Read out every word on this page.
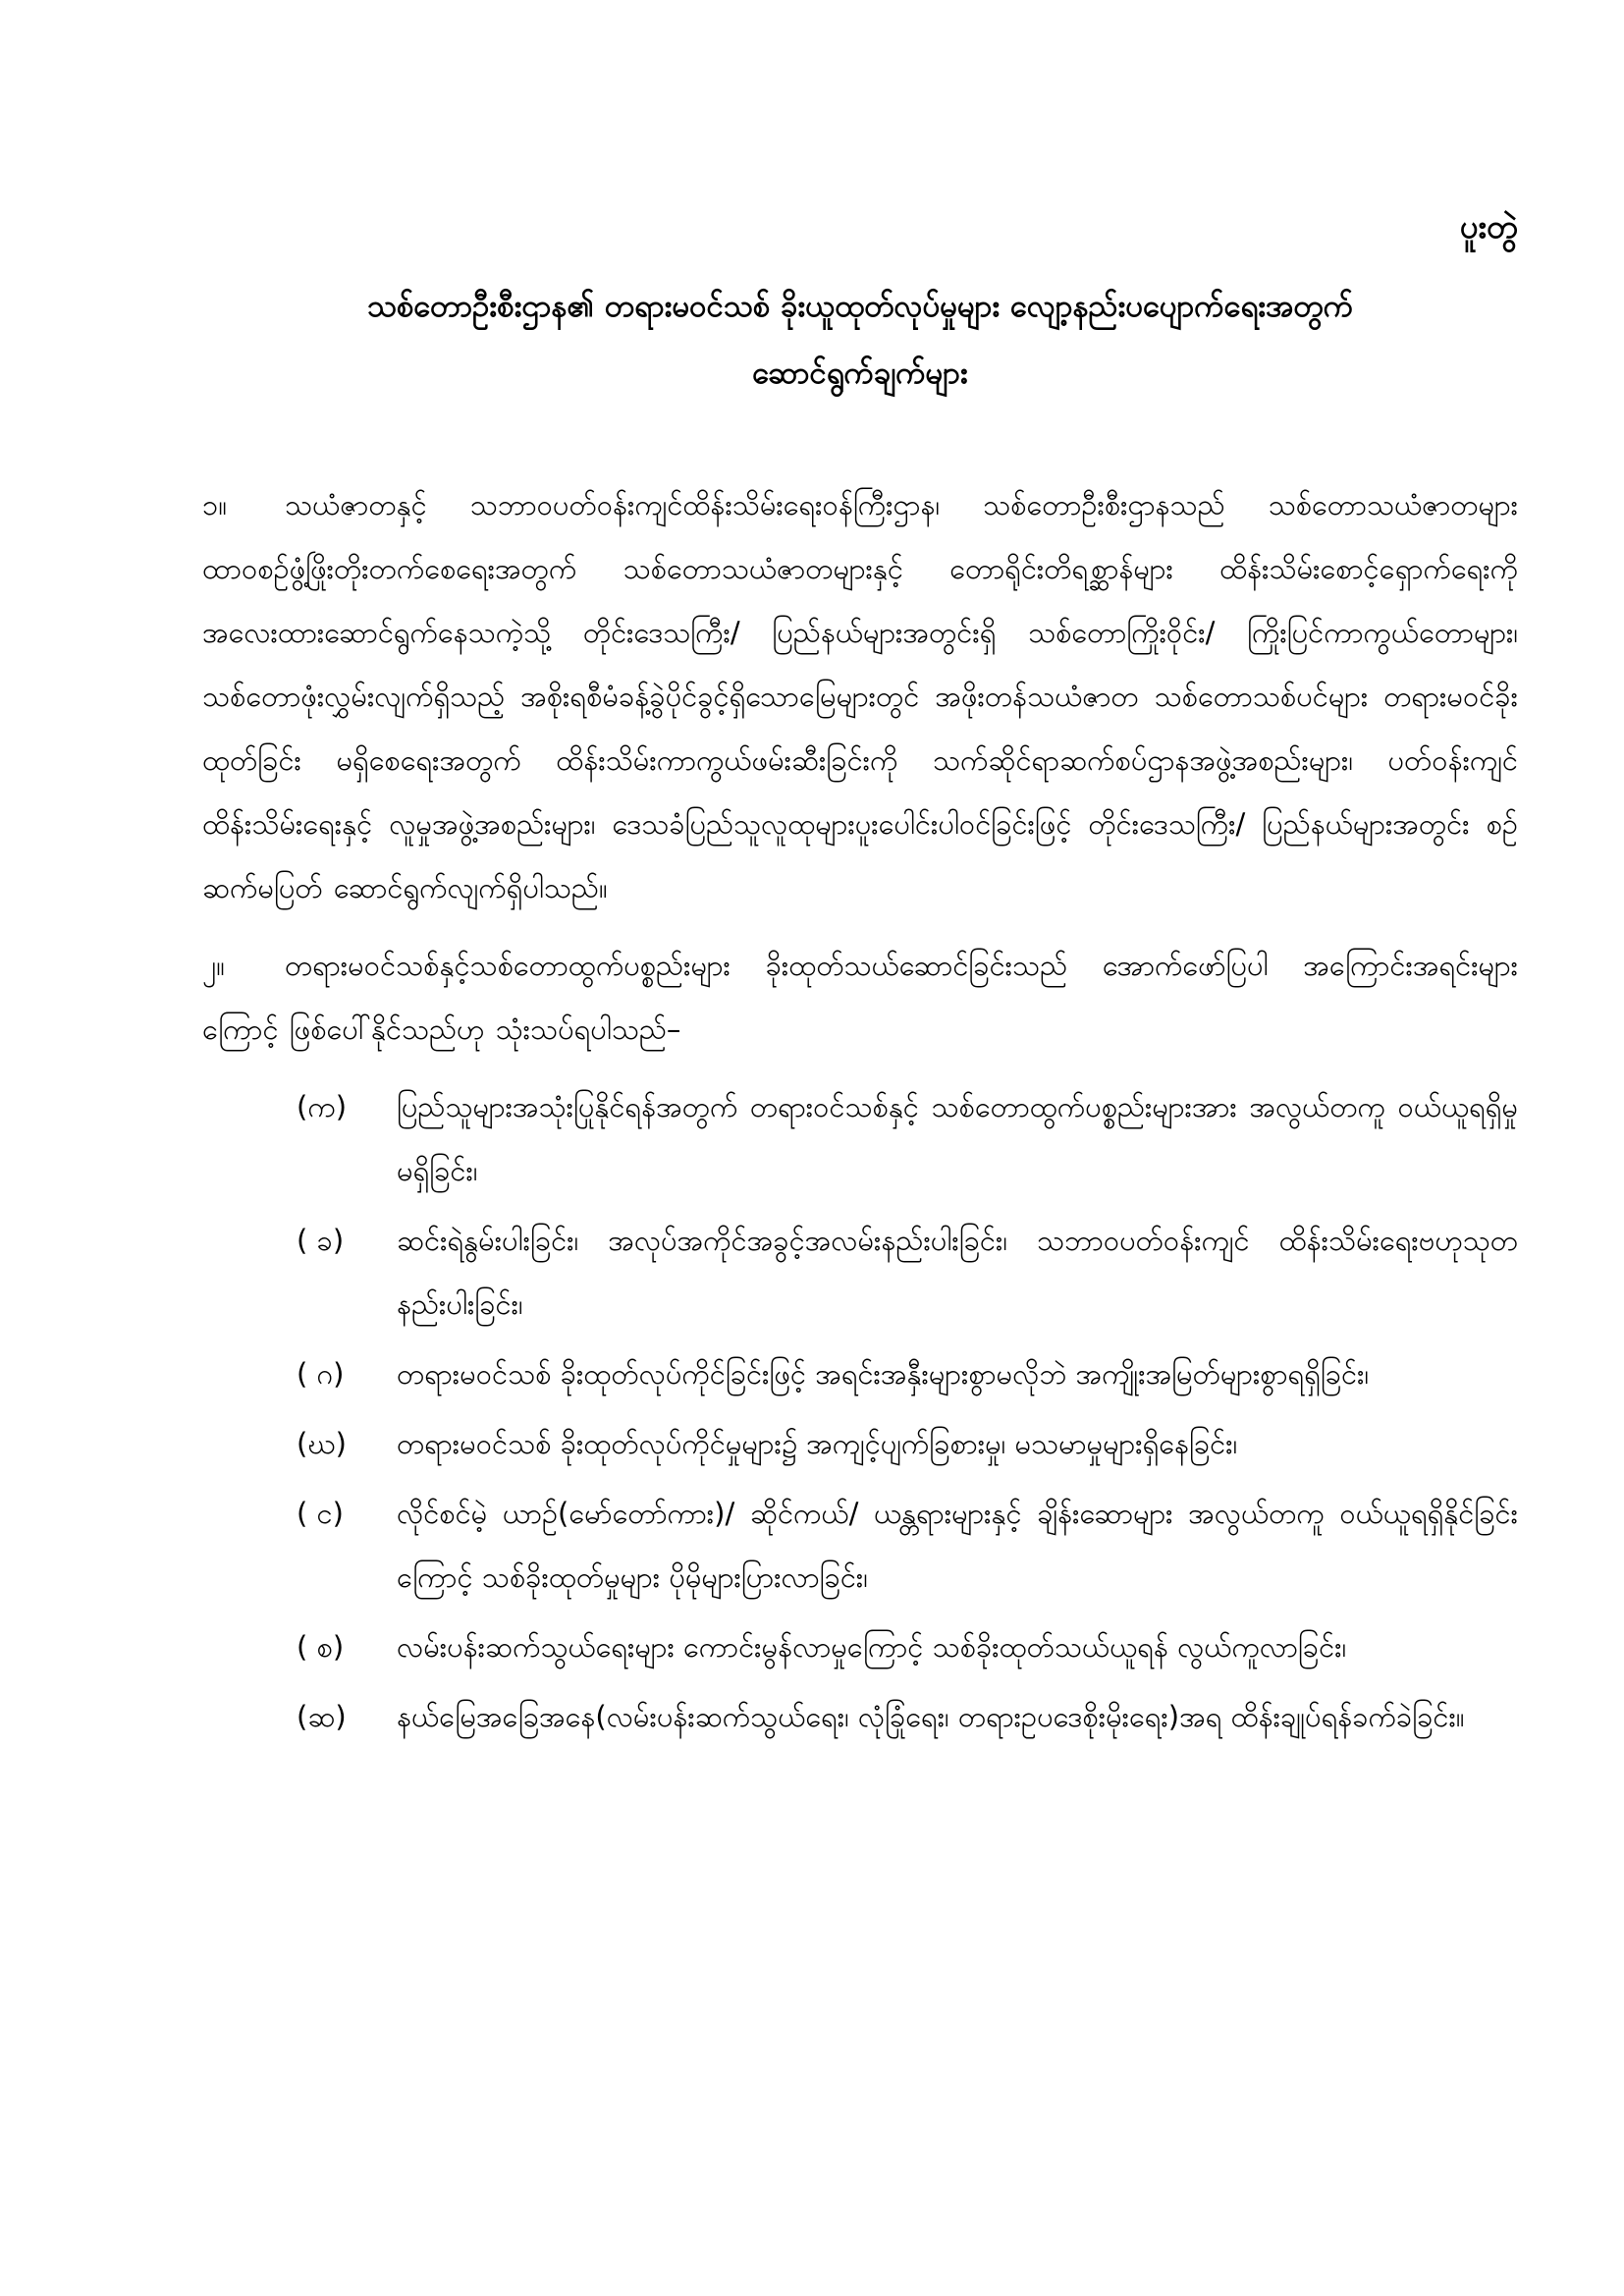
ပူးတွဲ
သစ်တောဦးစီးဌာန၏ တရားမဝင်သစ် ခိုးယူထုတ်လုပ်မှုများ လျော့နည်းပပျောက်ရေးအတွက်
ဆောင်ရွက်ချက်များ

၁။ သယံဇာတနှင့် သဘာဝပတ်ဝန်းကျင်ထိန်းသိမ်းရေးဝန်ကြီးဌာန၊ သစ်တောဦးစီးဌာနသည် သစ်တောသယံဇာတများ ထာဝစဉ်ဖွံ့ဖြိုးတိုးတက်စေရေးအတွက် သစ်တောသယံဇာတများနှင့် တောရိုင်းတိရစ္ဆာန်များ ထိန်းသိမ်းစောင့်ရှောက်ရေးကို အလေးထားဆောင်ရွက်နေသကဲ့သို့ တိုင်းဒေသကြီး/ ပြည်နယ်များအတွင်းရှိ သစ်တောကြိုးဝိုင်း/ ကြိုးပြင်ကာကွယ်တောများ၊ သစ်တောဖုံးလွှမ်းလျက်ရှိသည့် အစိုးရစီမံခန့်ခွဲပိုင်ခွင့်ရှိသောမြေများတွင် အဖိုးတန်သယံဇာတ သစ်တောသစ်ပင်များ တရားမဝင်ခိုးထုတ်ခြင်း မရှိစေရေးအတွက် ထိန်းသိမ်းကာကွယ်ဖမ်းဆီးခြင်းကို သက်ဆိုင်ရာဆက်စပ်ဌာနအဖွဲ့အစည်းများ၊ ပတ်ဝန်းကျင်ထိန်းသိမ်းရေးနှင့် လူမှုအဖွဲ့အစည်းများ၊ ဒေသခံပြည်သူလူထုများပူးပေါင်းပါဝင်ခြင်းဖြင့် တိုင်းဒေသကြီး/ ပြည်နယ်များအတွင်း စဉ်ဆက်မပြတ် ဆောင်ရွက်လျက်ရှိပါသည်။

၂။ တရားမဝင်သစ်နှင့်သစ်တောထွက်ပစ္စည်းများ ခိုးထုတ်သယ်ဆောင်ခြင်းသည် အောက်ဖော်ပြပါ အကြောင်းအရင်းများကြောင့် ဖြစ်ပေါ်နိုင်သည်ဟု သုံးသပ်ရပါသည်–

(က)	ပြည်သူများအသုံးပြုနိုင်ရန်အတွက် တရားဝင်သစ်နှင့် သစ်တောထွက်ပစ္စည်းများအား အလွယ်တကူ ဝယ်ယူရရှိမှုမရှိခြင်း၊
( ခ)	ဆင်းရဲနွမ်းပါးခြင်း၊ အလုပ်အကိုင်အခွင့်အလမ်းနည်းပါးခြင်း၊ သဘာဝပတ်ဝန်းကျင် ထိန်းသိမ်းရေးဗဟုသုတနည်းပါးခြင်း၊
( ဂ)	တရားမဝင်သစ် ခိုးထုတ်လုပ်ကိုင်ခြင်းဖြင့် အရင်းအနှီးများစွာမလိုဘဲ အကျိုးအမြတ်များစွာရရှိခြင်း၊
(ဃ)	တရားမဝင်သစ် ခိုးထုတ်လုပ်ကိုင်မှုများ၌ အကျင့်ပျက်ခြစားမှု၊ မသမာမှုများရှိနေခြင်း၊
( င)	လိုင်စင်မဲ့ ယာဉ်(မော်တော်ကား)/ ဆိုင်ကယ်/ ယန္တရားများနှင့် ချိန်းဆောများ အလွယ်တကူ ဝယ်ယူရရှိနိုင်ခြင်းကြောင့် သစ်ခိုးထုတ်မှုများ ပိုမိုများပြားလာခြင်း၊
( စ)	လမ်းပန်းဆက်သွယ်ရေးများ ကောင်းမွန်လာမှုကြောင့် သစ်ခိုးထုတ်သယ်ယူရန် လွယ်ကူလာခြင်း၊
(ဆ)	နယ်မြေအခြေအနေ(လမ်းပန်းဆက်သွယ်ရေး၊ လုံခြုံရေး၊ တရားဥပဒေစိုးမိုးရေး)အရ ထိန်းချုပ်ရန်ခက်ခဲခြင်း။
